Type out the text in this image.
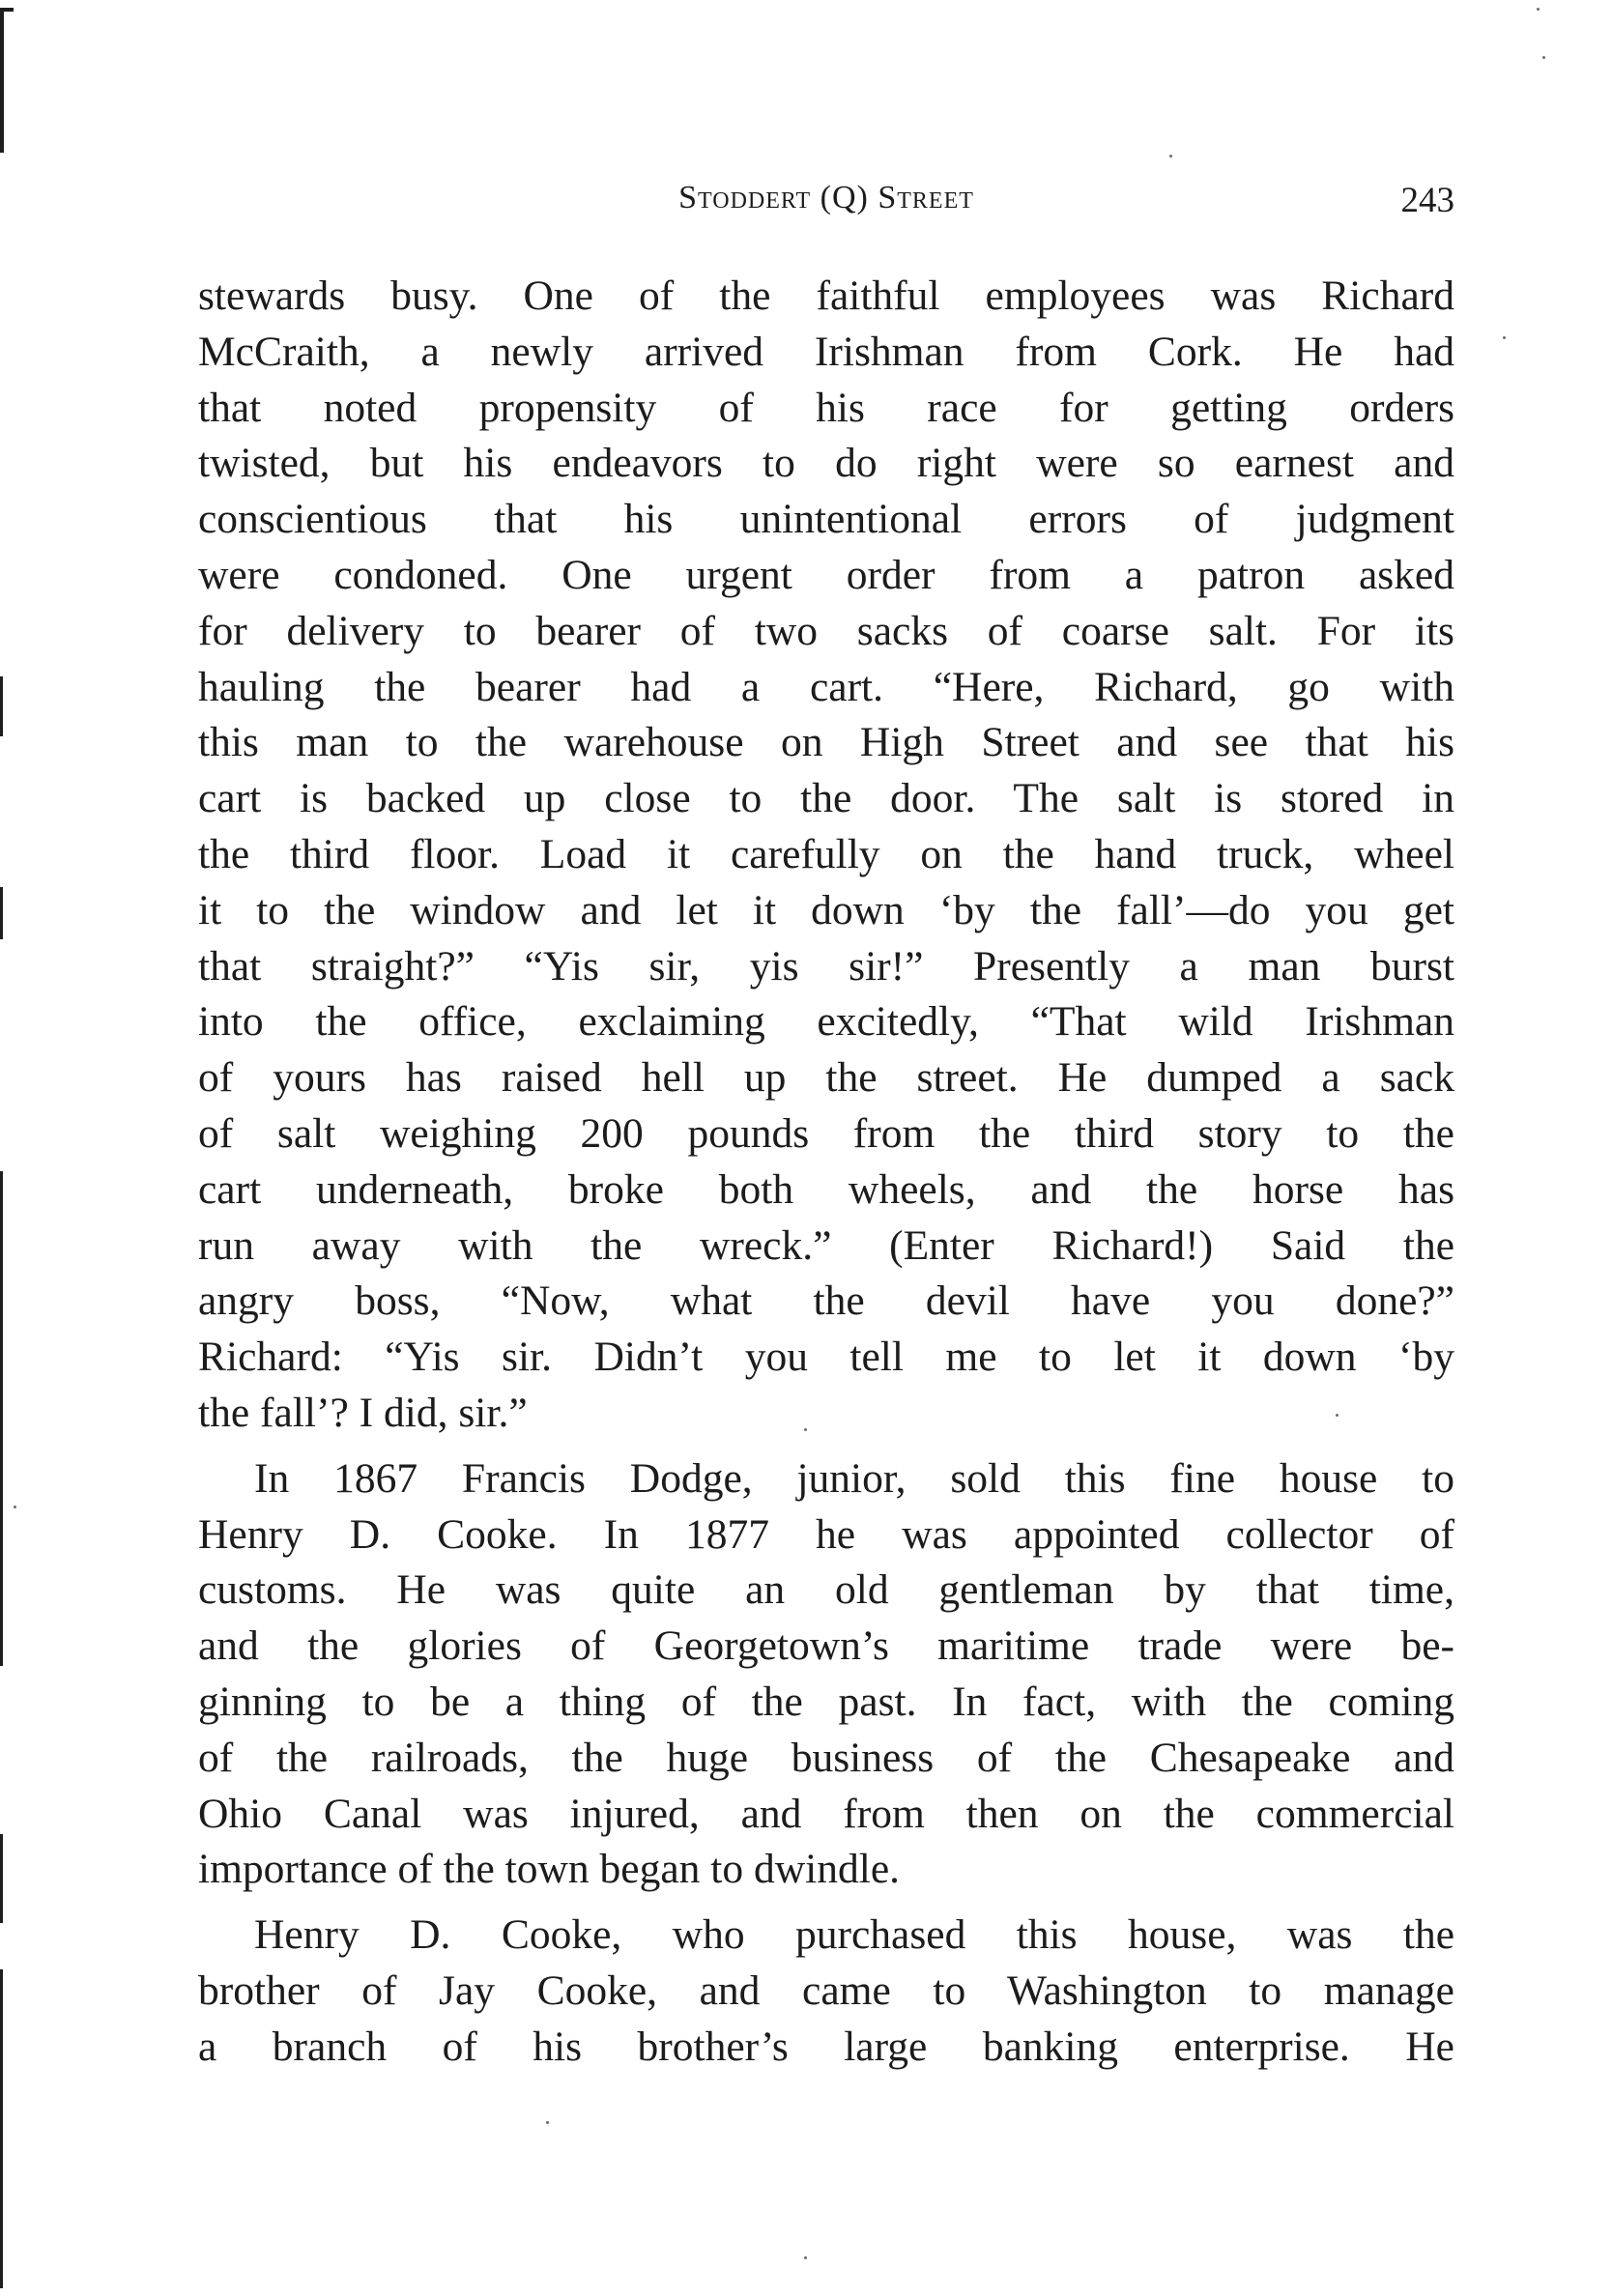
Stoddert (Q) Street	243

stewards busy. One of the faithful employees was Richard
McCraith, a newly arrived Irishman from Cork. He had
that noted propensity of his race for getting orders
twisted, but his endeavors to do right were so earnest and
conscientious that his unintentional errors of judgment
were condoned. One urgent order from a patron asked
for delivery to bearer of two sacks of coarse salt. For its
hauling the bearer had a cart. “Here, Richard, go with
this man to the warehouse on High Street and see that his
cart is backed up close to the door. The salt is stored in
the third floor. Load it carefully on the hand truck, wheel
it to the window and let it down ‘by the fall’—do you get
that straight?” “Yis sir, yis sir!” Presently a man burst
into the office, exclaiming excitedly, “That wild Irishman
of yours has raised hell up the street. He dumped a sack
of salt weighing 200 pounds from the third story to the
cart underneath, broke both wheels, and the horse has
run away with the wreck.” (Enter Richard!) Said the
angry boss, “Now, what the devil have you done?”
Richard: “Yis sir. Didn’t you tell me to let it down ‘by
the fall’? I did, sir.”

In 1867 Francis Dodge, junior, sold this fine house to
Henry D. Cooke. In 1877 he was appointed collector of
customs. He was quite an old gentleman by that time,
and the glories of Georgetown’s maritime trade were be-
ginning to be a thing of the past. In fact, with the coming
of the railroads, the huge business of the Chesapeake and
Ohio Canal was injured, and from then on the commercial
importance of the town began to dwindle.

Henry D. Cooke, who purchased this house, was the
brother of Jay Cooke, and came to Washington to manage
a branch of his brother’s large banking enterprise. He
